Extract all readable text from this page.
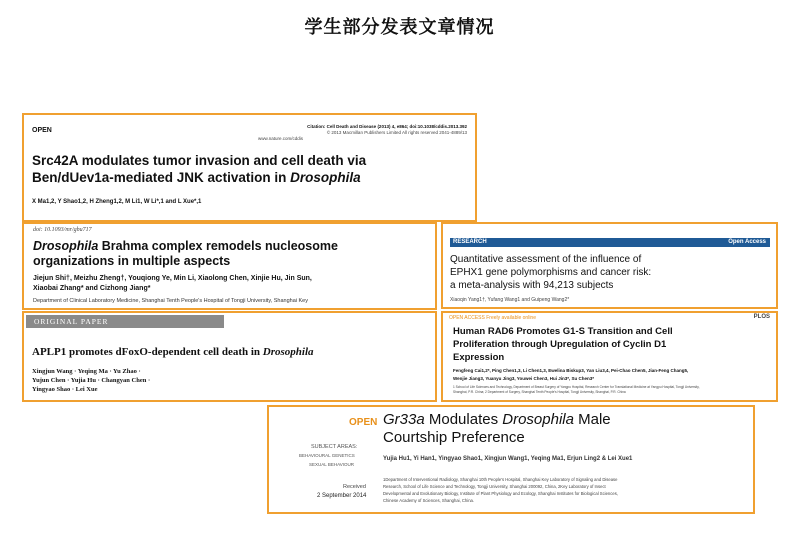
学生部分发表文章情况
OPEN
Citation: Cell Death and Disease (2013) 4, e864; doi:10.1038/cddis.2013.392
© 2013 Macmillan Publishers Limited All rights reserved 2041-4889/13
www.nature.com/cddis
Src42A modulates tumor invasion and cell death via
Ben/dUev1a-mediated JNK activation in Drosophila
X Ma1,2, Y Shao1,2, H Zheng1,2, M Li1, W Li*,1 and L Xue*,1
doi: 10.1093/mr/gbu717
Drosophila Brahma complex remodels nucleosome
organizations in multiple aspects
Jiejun Shi†, Meizhu Zheng†, Youqiong Ye, Min Li, Xiaolong Chen, Xinjie Hu, Jin Sun,
Xiaobai Zhang* and Cizhong Jiang*
Department of Clinical Laboratory Medicine, Shanghai Tenth People's Hospital of Tongji University, Shanghai Key
RESEARCH	Open Access
Quantitative assessment of the influence of
EPHX1 gene polymorphisms and cancer risk:
a meta-analysis with 94,213 subjects
Xiaoqin Yang1†, Yufang Wang1 and Guipeng Wang2*
ORIGINAL PAPER
APLP1 promotes dFoxO-dependent cell death in Drosophila
Xingjun Wang · Yeqing Ma · Yu Zhao ·
Yujun Chen · Yujia Hu · Changyan Chen ·
Yingyao Shao · Lei Xue
OPEN ACCESS Freely available online	PLOS
Human RAD6 Promotes G1-S Transition and Cell
Proliferation through Upregulation of Cyclin D1
Expression
Fengfeng Cai1,2*, Ping Chen1,3, Li Chen1,3, Ewelina Biskup3, Yan Liu3,4, Pei-Chao Chen5, Jian-Feng Chang5,
Wenjie Jiang3, Yuanyu Jing3, Youwei Chen3, Hui Jin3*, Su Chen3*
1 School of Life Sciences and Technology, Department of Breast Surgery of Yangpu Hospital, Research Center for Translational Medicine at Yangpu Hospital, Tongji University,
Shanghai, P.R. China; 2 Department of Surgery, Shanghai Tenth People's Hospital, Tongji University, Shanghai, P.R. China
OPEN
SUBJECT AREAS:
BEHAVIOURAL GENETICS
SEXUAL BEHAVIOUR
Received
2 September 2014
Gr33a Modulates Drosophila Male
Courtship Preference
Yujia Hu1, Yi Han1, Yingyao Shao1, Xingjun Wang1, Yeqing Ma1, Erjun Ling2 & Lei Xue1
1Department of Interventional Radiology, Shanghai 10th People's Hospital, Shanghai Key Laboratory of Signaling and Disease
Research, School of Life Science and Technology, Tongji University, Shanghai 200092, China, 2Key Laboratory of Insect
Developmental and Evolutionary Biology, Institute of Plant Physiology and Ecology, Shanghai Institutes for Biological Sciences,
Chinese Academy of Sciences, Shanghai, China.
